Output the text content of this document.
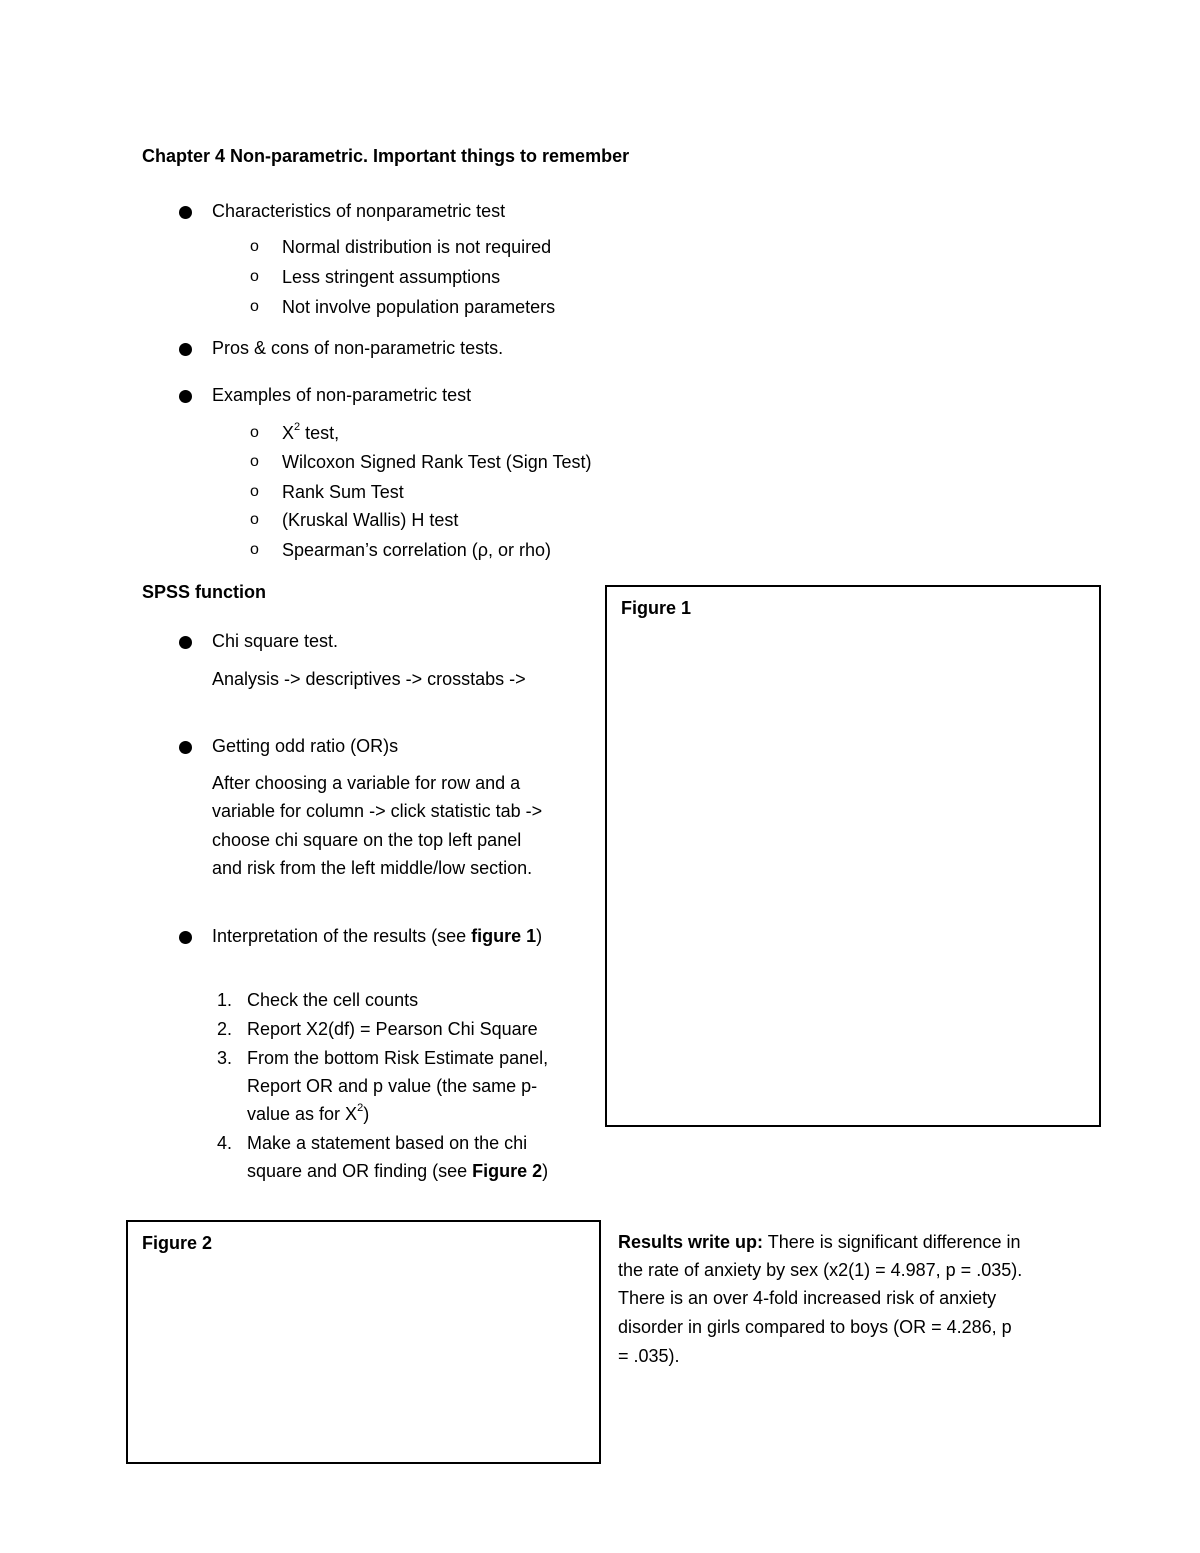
Chapter 4 Non-parametric. Important things to remember
Characteristics of nonparametric test
o Normal distribution is not required
o Less stringent assumptions
o Not involve population parameters
Pros & cons of non-parametric tests.
Examples of non-parametric test
o $X^2$ test,
o Wilcoxon Signed Rank Test (Sign Test)
o Rank Sum Test
o (Kruskal Wallis) H test
o Spearman’s correlation (ρ, or rho)
SPSS function
Chi square test.
Analysis -> descriptives -> crosstabs ->
Getting odd ratio (OR)s
After choosing a variable for row and a
variable for column -> click statistic tab ->
choose chi square on the top left panel
and risk from the left middle/low section.
Interpretation of the results (see figure 1)
1. Check the cell counts
2. Report X2(df) = Pearson Chi Square
3. From the bottom Risk Estimate panel,
Report OR and p value (the same p-
value as for $X^2$)
4. Make a statement based on the chi
square and OR finding (see Figure 2)
Figure 1
Figure 2	Results write up: There is significant difference in
the rate of anxiety by sex (x2(1) = 4.987, p = .035).
There is an over 4-fold increased risk of anxiety
disorder in girls compared to boys (OR = 4.286, p
= .035).
